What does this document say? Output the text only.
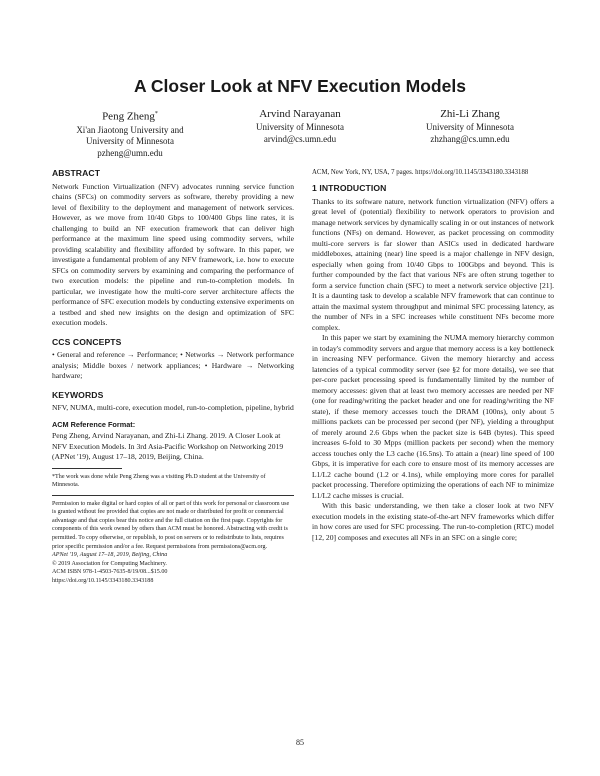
A Closer Look at NFV Execution Models
Peng Zheng*
Xi'an Jiaotong University and
University of Minnesota
pzheng@umn.edu
Arvind Narayanan
University of Minnesota
arvind@cs.umn.edu
Zhi-Li Zhang
University of Minnesota
zhzhang@cs.umn.edu
ABSTRACT

Network Function Virtualization (NFV) advocates running service function chains (SFCs) on commodity servers as software, thereby providing a new level of flexibility to the deployment and management of network services. However, as we move from 10/40 Gbps to 100/400 Gbps line rates, it is challenging to build an NF execution framework that can deliver high performance at the maximum line speed using commodity servers, while providing scalability and flexibility afforded by software. In this paper, we investigate a fundamental problem of any NFV framework, i.e. how to execute SFCs on commodity servers by examining and comparing the performance of two execution models: the pipeline and run-to-completion models. In particular, we investigate how the multi-core server architecture affects the performance of SFC execution models by conducting extensive experiments on a testbed and shed new insights on the design and optimization of SFC execution models.

CCS CONCEPTS

• General and reference → Performance; • Networks → Network performance analysis; Middle boxes / network appliances; • Hardware → Networking hardware;

KEYWORDS

NFV, NUMA, multi-core, execution model, run-to-completion, pipeline, hybrid

ACM Reference Format:

Peng Zheng, Arvind Narayanan, and Zhi-Li Zhang. 2019. A Closer Look at NFV Execution Models. In 3rd Asia-Pacific Workshop on Networking 2019 (APNet '19), August 17–18, 2019, Beijing, China.

*The work was done while Peng Zheng was a visiting Ph.D student at the University of Minnesota.

Permission to make digital or hard copies of all or part of this work for personal or classroom use is granted without fee provided that copies are not made or distributed for profit or commercial advantage and that copies bear this notice and the full citation on the first page. Copyrights for components of this work owned by others than ACM must be honored. Abstracting with credit is permitted. To copy otherwise, or republish, to post on servers or to redistribute to lists, requires prior specific permission and/or a fee. Request permissions from permissions@acm.org.

APNet '19, August 17–18, 2019, Beijing, China

© 2019 Association for Computing Machinery.

ACM ISBN 978-1-4503-7635-8/19/08...$15.00

https://doi.org/10.1145/3343180.3343188

ACM, New York, NY, USA, 7 pages. https://doi.org/10.1145/3343180.3343188

1 INTRODUCTION

Thanks to its software nature, network function virtualization (NFV) offers a great level of (potential) flexibility to network operators to provision and manage network services by dynamically scaling in or out instances of network functions (NFs) on demand. However, as packet processing on commodity multi-core servers is far slower than ASICs used in dedicated hardware middleboxes, attaining (near) line speed is a major challenge in NFV design, especially when going from 10/40 Gbps to 100Gbps and beyond. This is further compounded by the fact that various NFs are often strung together to form a service function chain (SFC) to meet a network service objective [21]. It is a daunting task to develop a scalable NFV framework that can continue to attain the maximal system throughput and minimal SFC processing latency, as the number of NFs in a SFC increases while constituent NFs become more complex.

In this paper we start by examining the NUMA memory hierarchy common in today's commodity servers and argue that memory access is a key bottleneck in increasing NFV performance. Given the memory hierarchy and access latencies of a typical commodity server (see §2 for more details), we see that per-core packet processing speed is fundamentally limited by the number of memory accesses: given that at least two memory accesses are needed per NF (one for reading/writing the packet header and one for reading/writing the NF state), if these memory accesses touch the DRAM (100ns), only about 5 millions packets can be processed per second (per NF), yielding a throughput of merely around 2.6 Gbps when the packet size is 64B (bytes). This speed increases 6-fold to 30 Mpps (million packets per second) when the memory access touches only the L3 cache (16.5ns). To attain a (near) line speed of 100 Gbps, it is imperative for each core to ensure most of its memory accesses are L1/L2 cache bound (1.2 or 4.1ns), while employing more cores for parallel packet processing. Therefore optimizing the operations of each NF to minimize L1/L2 cache misses is crucial.

With this basic understanding, we then take a closer look at two NFV execution models in the existing state-of-the-art NFV frameworks which differ in how cores are used for SFC processing. The run-to-completion (RTC) model [12, 20] composes and executes all NFs in an SFC on a single core;

85
